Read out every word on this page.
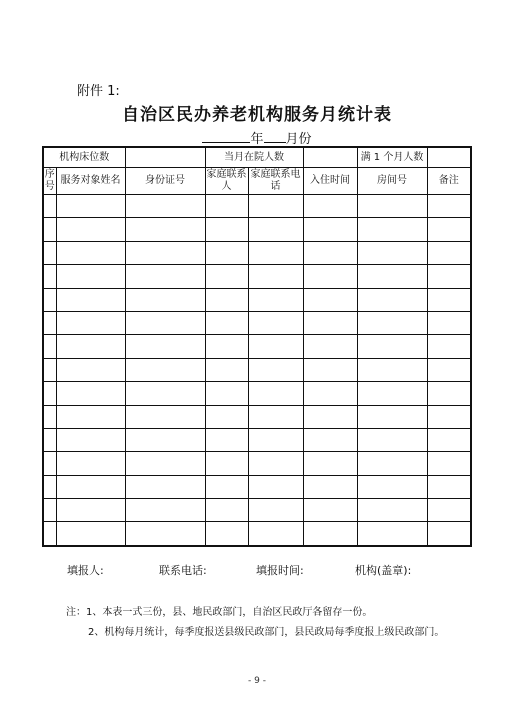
附件 1:
自治区民办养老机构服务月统计表
年 月份
机构床位数			当月在院人数			满 1 个月人数	
序号	服务对象姓名	身份证号	家庭联系人	家庭联系电话	入住时间	房间号	备注

填报人:	联系电话:	填报时间:	机构(盖章):
注：1、本表一式三份，县、地民政部门，自治区民政厅各留存一份。
2、机构每月统计，每季度报送县级民政部门，县民政局每季度报上级民政部门。
- 9 -
